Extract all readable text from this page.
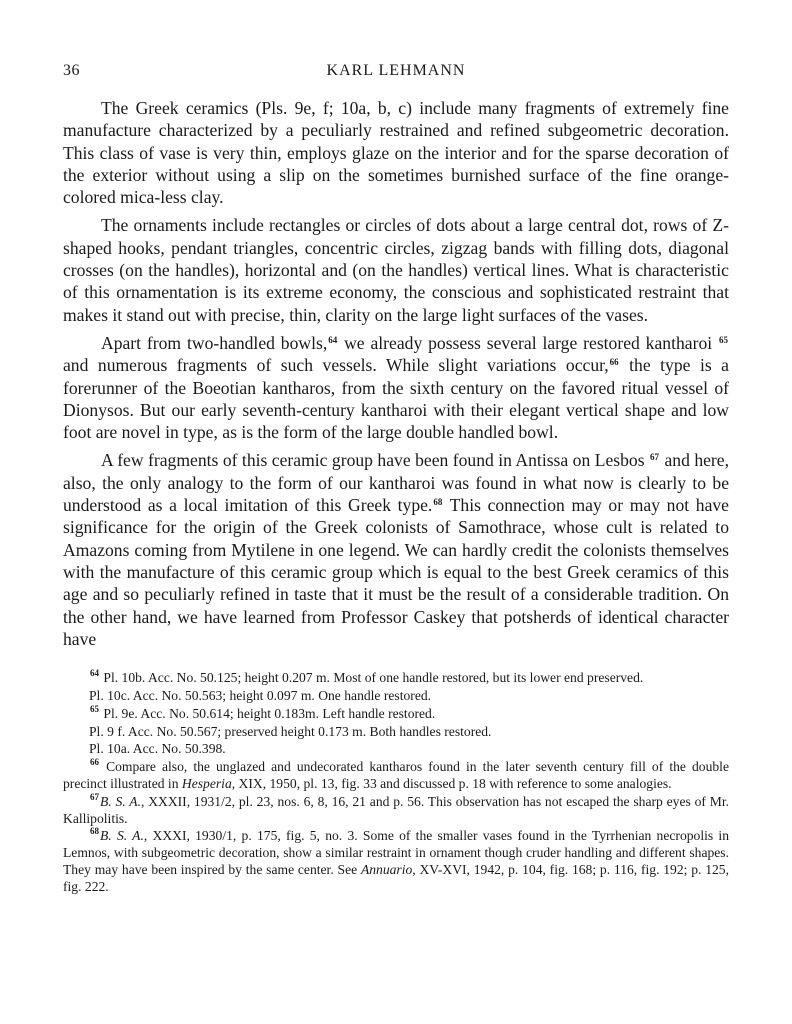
36	KARL LEHMANN

The Greek ceramics (Pls. 9e, f; 10a, b, c) include many fragments of extremely fine manufacture characterized by a peculiarly restrained and refined subgeometric decoration. This class of vase is very thin, employs glaze on the interior and for the sparse decoration of the exterior without using a slip on the sometimes burnished surface of the fine orange-colored mica-less clay.

The ornaments include rectangles or circles of dots about a large central dot, rows of Z-shaped hooks, pendant triangles, concentric circles, zigzag bands with filling dots, diagonal crosses (on the handles), horizontal and (on the handles) vertical lines. What is characteristic of this ornamentation is its extreme economy, the conscious and sophisticated restraint that makes it stand out with precise, thin, clarity on the large light surfaces of the vases.

Apart from two-handled bowls,$^{64}$ we already possess several large restored kantharoi $^{65}$ and numerous fragments of such vessels. While slight variations occur,$^{66}$ the type is a forerunner of the Boeotian kantharos, from the sixth century on the favored ritual vessel of Dionysos. But our early seventh-century kantharoi with their elegant vertical shape and low foot are novel in type, as is the form of the large double handled bowl.

A few fragments of this ceramic group have been found in Antissa on Lesbos $^{67}$ and here, also, the only analogy to the form of our kantharoi was found in what now is clearly to be understood as a local imitation of this Greek type.$^{68}$ This connection may or may not have significance for the origin of the Greek colonists of Samothrace, whose cult is related to Amazons coming from Mytilene in one legend. We can hardly credit the colonists themselves with the manufacture of this ceramic group which is equal to the best Greek ceramics of this age and so peculiarly refined in taste that it must be the result of a considerable tradition. On the other hand, we have learned from Professor Caskey that potsherds of identical character have

$^{64}$ Pl. 10b. Acc. No. 50.125; height 0.207 m. Most of one handle restored, but its lower end preserved.

Pl. 10c. Acc. No. 50.563; height 0.097 m. One handle restored.

$^{65}$ Pl. 9e. Acc. No. 50.614; height 0.183m. Left handle restored.

Pl. 9 f. Acc. No. 50.567; preserved height 0.173 m. Both handles restored.

Pl. 10a. Acc. No. 50.398.

$^{66}$ Compare also, the unglazed and undecorated kantharos found in the later seventh century fill of the double precinct illustrated in Hesperia, XIX, 1950, pl. 13, fig. 33 and discussed p. 18 with reference to some analogies.

$^{67}$B. S. A., XXXII, 1931/2, pl. 23, nos. 6, 8, 16, 21 and p. 56. This observation has not escaped the sharp eyes of Mr. Kallipolitis.

$^{68}$B. S. A., XXXI, 1930/1, p. 175, fig. 5, no. 3. Some of the smaller vases found in the Tyrrhenian necropolis in Lemnos, with subgeometric decoration, show a similar restraint in ornament though cruder handling and different shapes. They may have been inspired by the same center. See Annuario, XV-XVI, 1942, p. 104, fig. 168; p. 116, fig. 192; p. 125, fig. 222.
